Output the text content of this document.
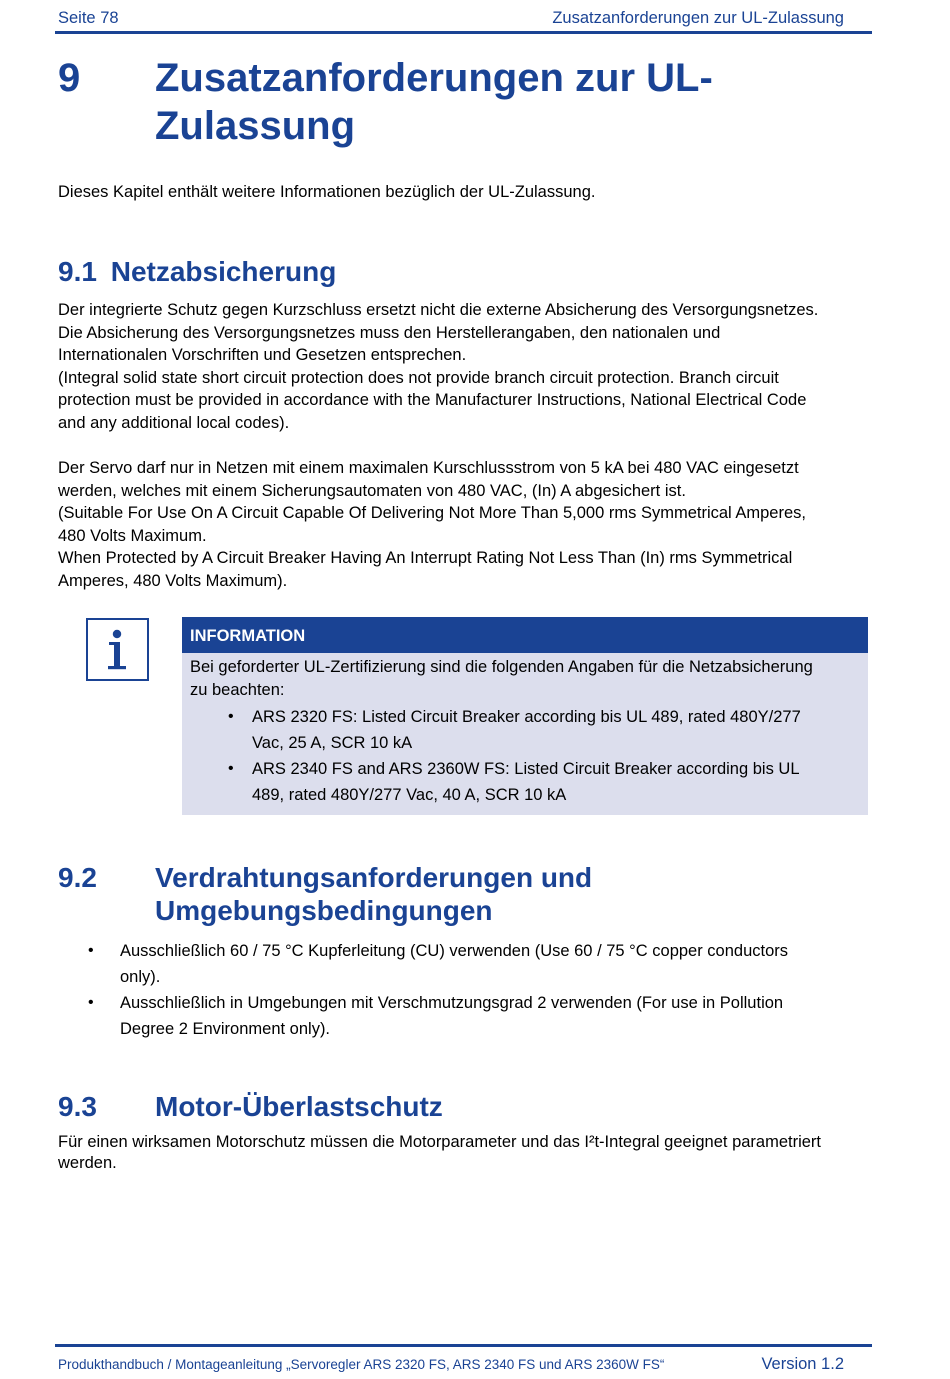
Seite 78	Zusatzanforderungen zur UL-Zulassung
9 Zusatzanforderungen zur UL-
Zulassung
Dieses Kapitel enthält weitere Informationen bezüglich der UL-Zulassung.
9.1 Netzabsicherung
Der integrierte Schutz gegen Kurzschluss ersetzt nicht die externe Absicherung des Versorgungsnetzes.
Die Absicherung des Versorgungsnetzes muss den Herstellerangaben, den nationalen und
Internationalen Vorschriften und Gesetzen entsprechen.
(Integral solid state short circuit protection does not provide branch circuit protection. Branch circuit
protection must be provided in accordance with the Manufacturer Instructions, National Electrical Code
and any additional local codes).
Der Servo darf nur in Netzen mit einem maximalen Kurschlussstrom von 5 kA bei 480 VAC eingesetzt
werden, welches mit einem Sicherungsautomaten von 480 VAC, (In) A abgesichert ist.
(Suitable For Use On A Circuit Capable Of Delivering Not More Than 5,000 rms Symmetrical Amperes,
480 Volts Maximum.
When Protected by A Circuit Breaker Having An Interrupt Rating Not Less Than (In) rms Symmetrical
Amperes, 480 Volts Maximum).
INFORMATION
Bei geforderter UL-Zertifizierung sind die folgenden Angaben für die Netzabsicherung
zu beachten:
• ARS 2320 FS: Listed Circuit Breaker according bis UL 489, rated 480Y/277
Vac, 25 A, SCR 10 kA
• ARS 2340 FS and ARS 2360W FS: Listed Circuit Breaker according bis UL
489, rated 480Y/277 Vac, 40 A, SCR 10 kA
9.2 Verdrahtungsanforderungen und
Umgebungsbedingungen
• Ausschließlich 60 / 75 °C Kupferleitung (CU) verwenden (Use 60 / 75 °C copper conductors
only).
• Ausschließlich in Umgebungen mit Verschmutzungsgrad 2 verwenden (For use in Pollution
Degree 2 Environment only).
9.3 Motor-Überlastschutz
Für einen wirksamen Motorschutz müssen die Motorparameter und das I²t-Integral geeignet parametriert
werden.
Produkthandbuch / Montageanleitung „Servoregler ARS 2320 FS, ARS 2340 FS und ARS 2360W FS“	Version 1.2
